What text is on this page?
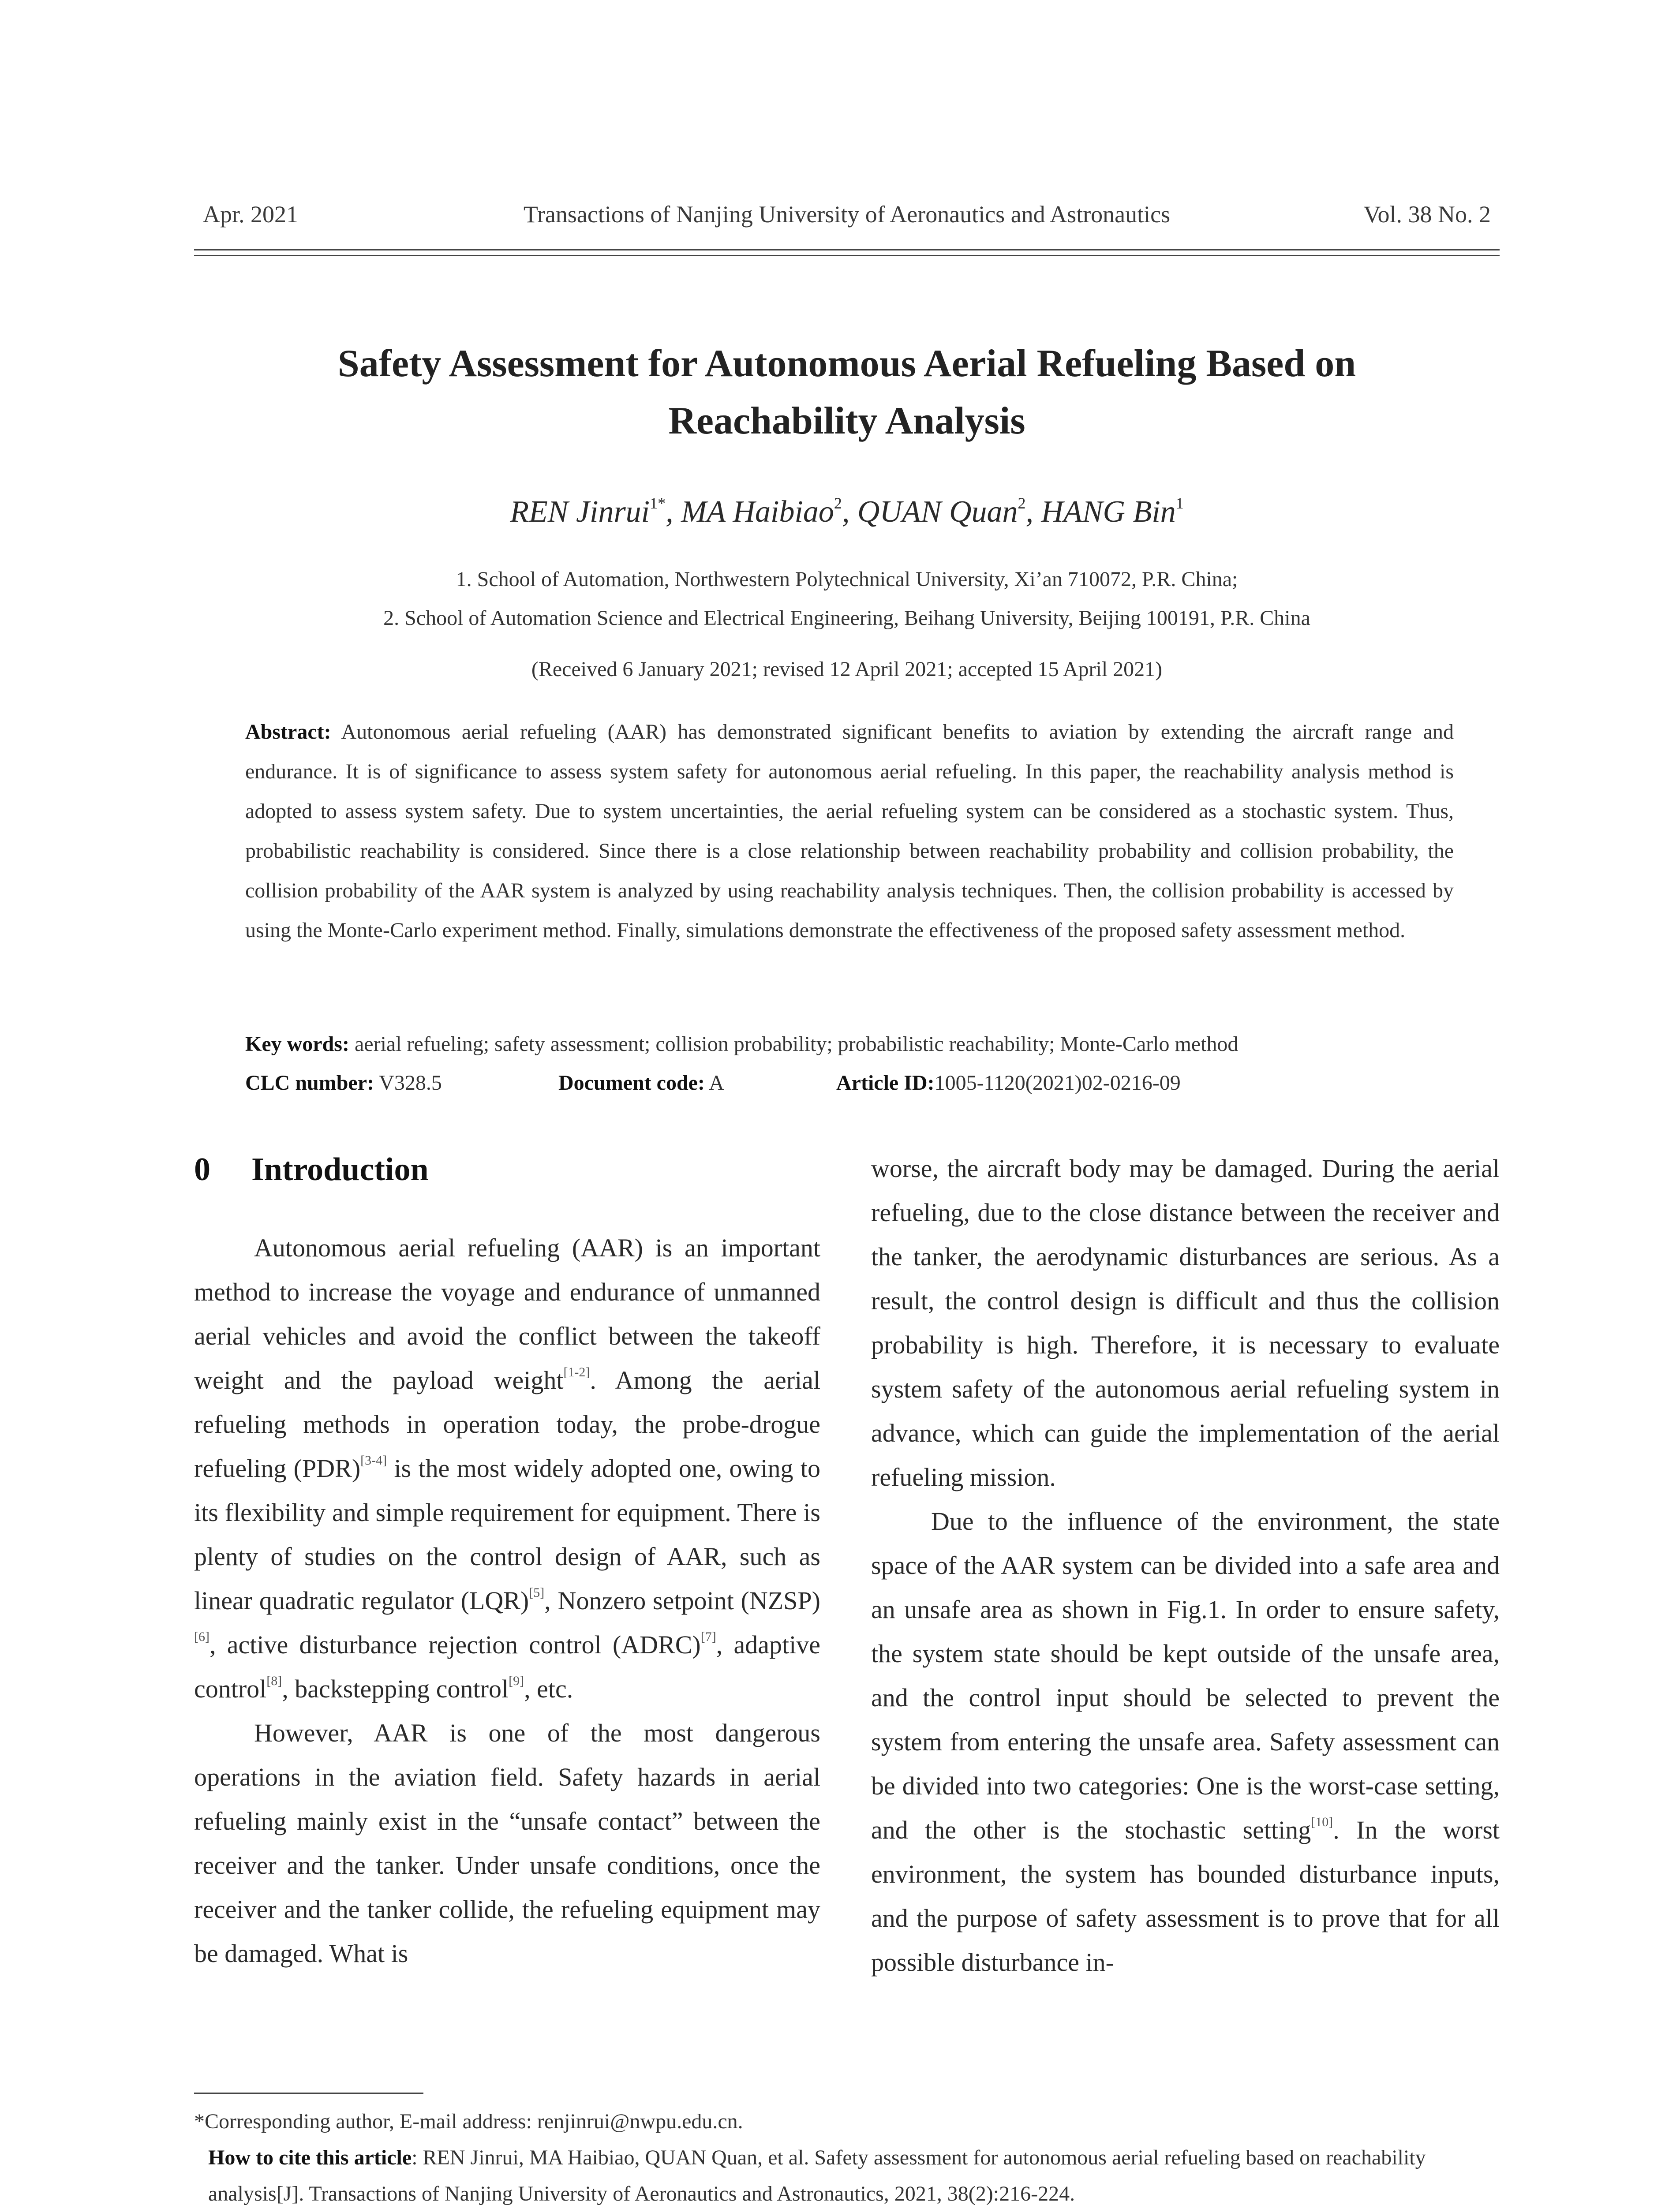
Apr. 2021	Transactions of Nanjing University of Aeronautics and Astronautics	Vol. 38 No. 2
Safety Assessment for Autonomous Aerial Refueling Based on
Reachability Analysis
REN Jinrui$^{1*}$, MA Haibiao$^2$, QUAN Quan$^2$, HANG Bin$^1$
1. School of Automation, Northwestern Polytechnical University, Xi’an 710072, P.R. China;
2. School of Automation Science and Electrical Engineering, Beihang University, Beijing 100191, P.R. China
(Received 6 January 2021; revised 12 April 2021; accepted 15 April 2021)
Abstract: Autonomous aerial refueling (AAR) has demonstrated significant benefits to aviation by extending the aircraft range and endurance. It is of significance to assess system safety for autonomous aerial refueling. In this paper, the reachability analysis method is adopted to assess system safety. Due to system uncertainties, the aerial refueling system can be considered as a stochastic system. Thus, probabilistic reachability is considered. Since there is a close relationship between reachability probability and collision probability, the collision probability of the AAR system is analyzed by using reachability analysis techniques. Then, the collision probability is accessed by using the Monte-Carlo experiment method. Finally, simulations demonstrate the effectiveness of the proposed safety assessment method.
Key words: aerial refueling; safety assessment; collision probability; probabilistic reachability; Monte-Carlo method
CLC number: V328.5	Document code: A	Article ID:1005-1120(2021)02-0216-09
0 Introduction

Autonomous aerial refueling (AAR) is an important method to increase the voyage and endurance of unmanned aerial vehicles and avoid the conflict between the takeoff weight and the payload weight[1-2]. Among the aerial refueling methods in operation today, the probe-drogue refueling (PDR)[3-4] is the most widely adopted one, owing to its flexibility and simple requirement for equipment. There is plenty of studies on the control design of AAR, such as linear quadratic regulator (LQR)[5], Nonzero setpoint (NZSP)[6], active disturbance rejection control (ADRC)[7], adaptive control[8], backstepping control[9], etc.

However, AAR is one of the most dangerous operations in the aviation field. Safety hazards in aerial refueling mainly exist in the “unsafe contact” between the receiver and the tanker. Under unsafe conditions, once the receiver and the tanker collide, the refueling equipment may be damaged. What is

worse, the aircraft body may be damaged. During the aerial refueling, due to the close distance between the receiver and the tanker, the aerodynamic disturbances are serious. As a result, the control design is difficult and thus the collision probability is high. Therefore, it is necessary to evaluate system safety of the autonomous aerial refueling system in advance, which can guide the implementation of the aerial refueling mission.

Due to the influence of the environment, the state space of the AAR system can be divided into a safe area and an unsafe area as shown in Fig.1. In order to ensure safety, the system state should be kept outside of the unsafe area, and the control input should be selected to prevent the system from entering the unsafe area. Safety assessment can be divided into two categories: One is the worst-case setting, and the other is the stochastic setting[10]. In the worst environment, the system has bounded disturbance inputs, and the purpose of safety assessment is to prove that for all possible disturbance in-

*Corresponding author, E-mail address: renjinrui@nwpu.edu.cn.
How to cite this article: REN Jinrui, MA Haibiao, QUAN Quan, et al. Safety assessment for autonomous aerial refueling based on reachability analysis[J]. Transactions of Nanjing University of Aeronautics and Astronautics, 2021, 38(2):216-224.
